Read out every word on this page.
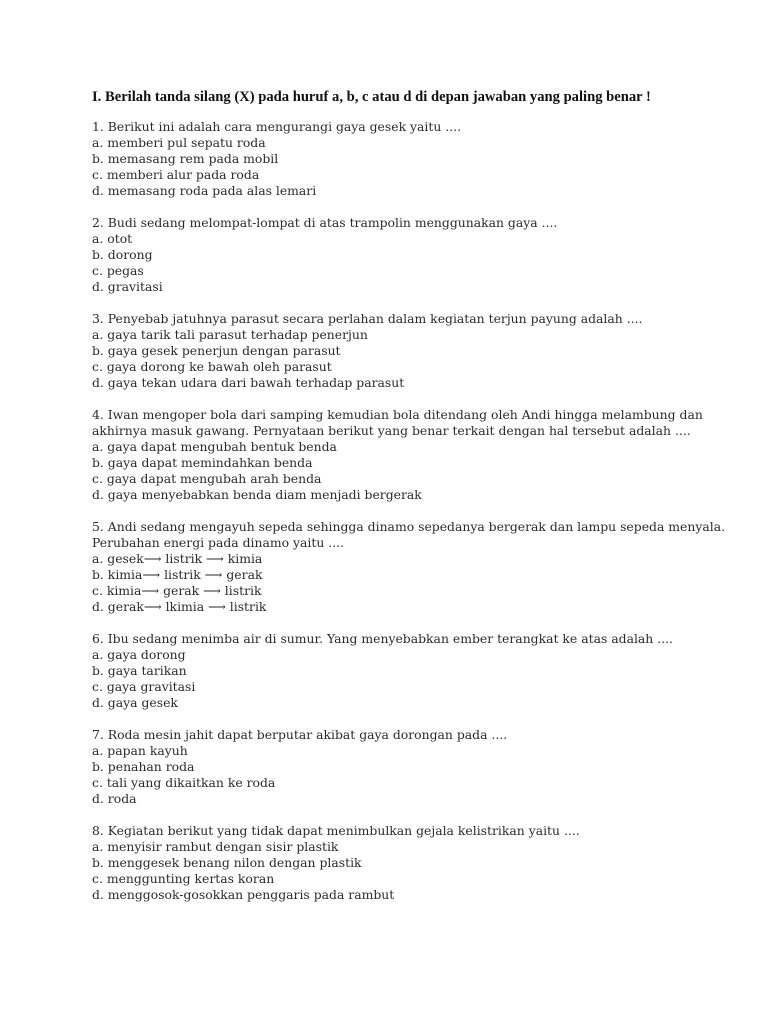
I. Berilah tanda silang (X) pada huruf a, b, c atau d di depan jawaban yang paling benar !

1. Berikut ini adalah cara mengurangi gaya gesek yaitu ....

a. memberi pul sepatu roda
b. memasang rem pada mobil
c. memberi alur pada roda
d. memasang roda pada alas lemari

2. Budi sedang melompat-lompat di atas trampolin menggunakan gaya ....

a. otot
b. dorong
c. pegas
d. gravitasi

3. Penyebab jatuhnya parasut secara perlahan dalam kegiatan terjun payung adalah ....

a. gaya tarik tali parasut terhadap penerjun
b. gaya gesek penerjun dengan parasut
c. gaya dorong ke bawah oleh parasut
d. gaya tekan udara dari bawah terhadap parasut

4. Iwan mengoper bola dari samping kemudian bola ditendang oleh Andi hingga melambung dan akhirnya masuk gawang. Pernyataan berikut yang benar terkait dengan hal tersebut adalah ....

a. gaya dapat mengubah bentuk benda
b. gaya dapat memindahkan benda
c. gaya dapat mengubah arah benda
d. gaya menyebabkan benda diam menjadi bergerak

5. Andi sedang mengayuh sepeda sehingga dinamo sepedanya bergerak dan lampu sepeda menyala. Perubahan energi pada dinamo yaitu ....

a. gesek⟶ listrik ⟶ kimia
b. kimia⟶ listrik ⟶ gerak
c. kimia⟶ gerak ⟶ listrik
d. gerak⟶ lkimia ⟶ listrik

6. Ibu sedang menimba air di sumur. Yang menyebabkan ember terangkat ke atas adalah ....

a. gaya dorong
b. gaya tarikan
c. gaya gravitasi
d. gaya gesek

7. Roda mesin jahit dapat berputar akibat gaya dorongan pada ....

a. papan kayuh
b. penahan roda
c. tali yang dikaitkan ke roda
d. roda

8. Kegiatan berikut yang tidak dapat menimbulkan gejala kelistrikan yaitu ....

a. menyisir rambut dengan sisir plastik
b. menggesek benang nilon dengan plastik
c. menggunting kertas koran
d. menggosok-gosokkan penggaris pada rambut
